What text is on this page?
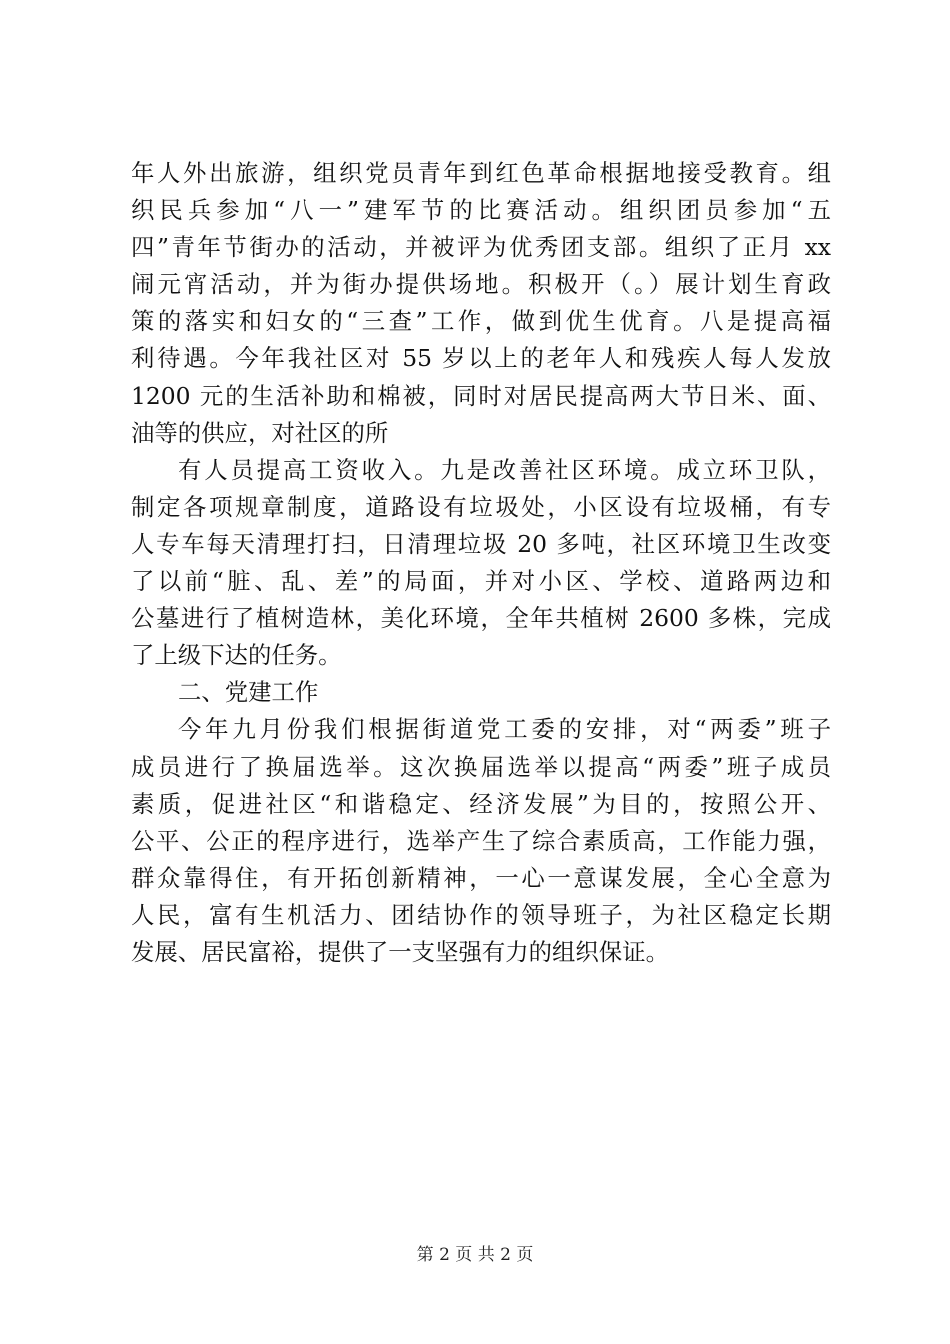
年人外出旅游，组织党员青年到红色革命根据地接受教育。组
织民兵参加“八一”建军节的比赛活动。组织团员参加“五
四”青年节街办的活动，并被评为优秀团支部。组织了正月 xx
闹元宵活动，并为街办提供场地。积极开（。）展计划生育政
策的落实和妇女的“三查”工作，做到优生优育。八是提高福
利待遇。今年我社区对 55 岁以上的老年人和残疾人每人发放
1200 元的生活补助和棉被，同时对居民提高两大节日米、面、
油等的供应，对社区的所
有人员提高工资收入。九是改善社区环境。成立环卫队，
制定各项规章制度，道路设有垃圾处，小区设有垃圾桶，有专
人专车每天清理打扫，日清理垃圾 20 多吨，社区环境卫生改变
了以前“脏、乱、差”的局面，并对小区、学校、道路两边和
公墓进行了植树造林，美化环境，全年共植树 2600 多株，完成
了上级下达的任务。
二、党建工作
今年九月份我们根据街道党工委的安排，对“两委”班子
成员进行了换届选举。这次换届选举以提高“两委”班子成员
素质，促进社区“和谐稳定、经济发展”为目的，按照公开、
公平、公正的程序进行，选举产生了综合素质高，工作能力强，
群众靠得住，有开拓创新精神，一心一意谋发展，全心全意为
人民，富有生机活力、团结协作的领导班子，为社区稳定长期
发展、居民富裕，提供了一支坚强有力的组织保证。
第 2 页 共 2 页
